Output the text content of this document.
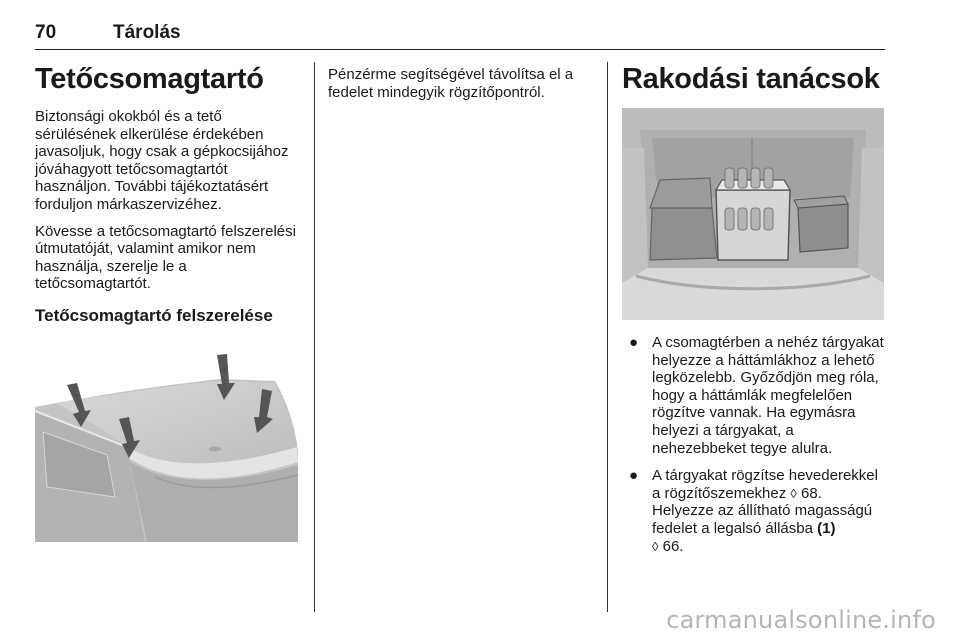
70	Tárolás
Tetőcsomagtartó

Biztonsági okokból és a tető sérülésének elkerülése érdekében javasoljuk, hogy csak a gépkocsijához jóváhagyott tetőcsomagtartót használjon. További tájékoztatásért forduljon márkaszervizéhez.

Kövesse a tetőcsomagtartó felszerelési útmutatóját, valamint amikor nem használja, szerelje le a tetőcsomagtartót.

Tetőcsomagtartó felszerelése

Pénzérme segítségével távolítsa el a fedelet mindegyik rögzítőpontról.	Rakodási tanácsok
● A csomagtérben a nehéz tárgyakat helyezze a háttámlákhoz a lehető legközelebb. Győződjön meg róla, hogy a háttámlák megfelelően rögzítve vannak. Ha egymásra helyezi a tárgyakat, a nehezebbeket tegye alulra.
● A tárgyakat rögzítse hevederekkel a rögzítőszemekhez ◊ 68.
Helyezze az állítható magasságú fedelet a legalsó állásba (1)
◊ 66.
carmanualsonline.info
